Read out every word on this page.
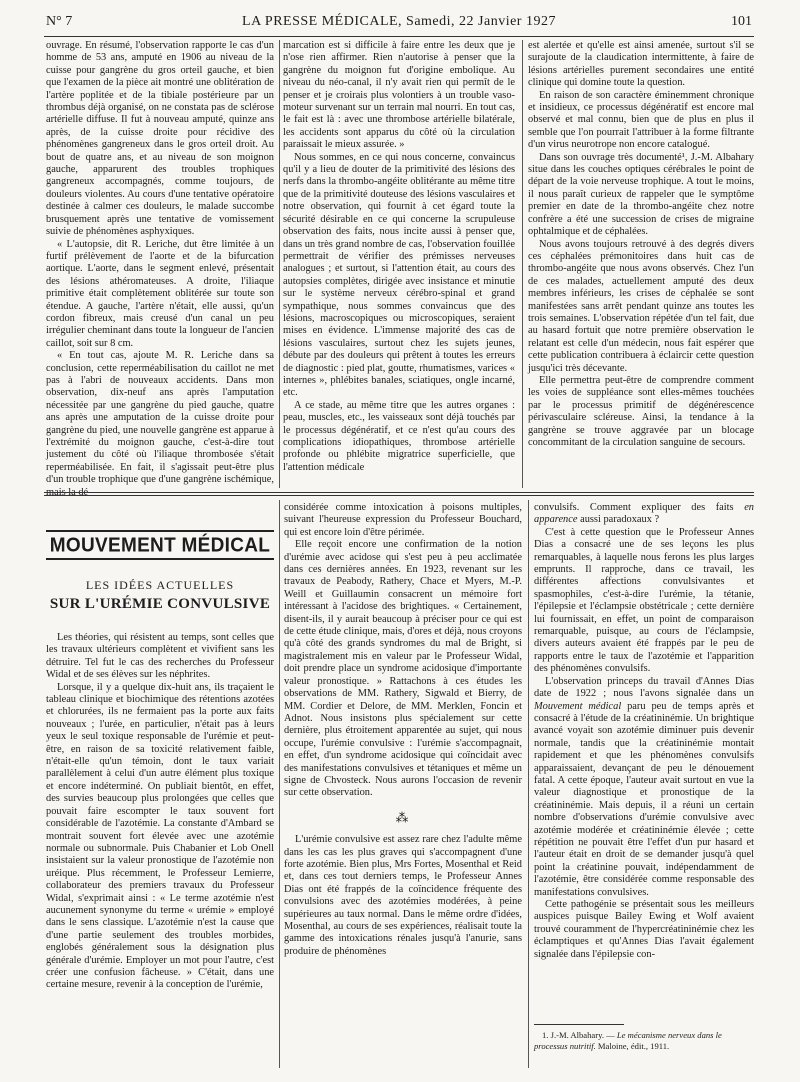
N° 7	LA PRESSE MÉDICALE, Samedi, 22 Janvier 1927	101

ouvrage. En résumé, l'observation rapporte le cas d'un homme de 53 ans, amputé en 1906 au niveau de la cuisse pour gangrène du gros orteil gauche, et bien que l'examen de la pièce ait montré une oblitération de l'artère poplitée et de la tibiale postérieure par un thrombus déjà organisé, on ne constata pas de sclérose artérielle diffuse. Il fut à nouveau amputé, quinze ans après, de la cuisse droite pour récidive des phénomènes gangreneux dans le gros orteil droit. Au bout de quatre ans, et au niveau de son moignon gauche, apparurent des troubles trophiques gangreneux accompagnés, comme toujours, de douleurs violentes. Au cours d'une tentative opératoire destinée à calmer ces douleurs, le malade succombe brusquement après une tentative de vomissement suivie de phénomènes asphyxiques.

« L'autopsie, dit R. Leriche, dut être limitée à un furtif prélèvement de l'aorte et de la bifurcation aortique. L'aorte, dans le segment enlevé, présentait des lésions athéromateuses. A droite, l'iliaque primitive était complètement oblitérée sur toute son étendue. A gauche, l'artère n'était, elle aussi, qu'un cordon fibreux, mais creusé d'un canal un peu irrégulier cheminant dans toute la longueur de l'ancien caillot, soit sur 8 cm.

« En tout cas, ajoute M. R. Leriche dans sa conclusion, cette reperméabilisation du caillot ne met pas à l'abri de nouveaux accidents. Dans mon observation, dix-neuf ans après l'amputation nécessitée par une gangrène du pied gauche, quatre ans après une amputation de la cuisse droite pour gangrène du pied, une nouvelle gangrène est apparue à l'extrémité du moignon gauche, c'est-à-dire tout justement du côté où l'iliaque thrombosée s'était reperméabilisée. En fait, il s'agissait peut-être plus d'un trouble trophique que d'une gangrène ischémique, mais la dé-

marcation est si difficile à faire entre les deux que je n'ose rien affirmer. Rien n'autorise à penser que la gangrène du moignon fut d'origine embolique. Au niveau du néo-canal, il n'y avait rien qui permît de le penser et je croirais plus volontiers à un trouble vaso-moteur survenant sur un terrain mal nourri. En tout cas, le fait est là : avec une thrombose artérielle bilatérale, les accidents sont apparus du côté où la circulation paraissait le mieux assurée. »

Nous sommes, en ce qui nous concerne, convaincus qu'il y a lieu de douter de la primitivité des lésions des nerfs dans la thrombo-angéite oblitérante au même titre que de la primitivité douteuse des lésions vasculaires et notre observation, qui fournit à cet égard toute la sécurité désirable en ce qui concerne la scrupuleuse observation des faits, nous incite aussi à penser que, dans un très grand nombre de cas, l'observation fouillée permettrait de vérifier des prémisses nerveuses analogues ; et surtout, si l'attention était, au cours des autopsies complètes, dirigée avec insistance et minutie sur le système nerveux cérébro-spinal et grand sympathique, nous sommes convaincus que des lésions, macroscopiques ou microscopiques, seraient mises en évidence. L'immense majorité des cas de lésions vasculaires, surtout chez les sujets jeunes, débute par des douleurs qui prêtent à toutes les erreurs de diagnostic : pied plat, goutte, rhumatismes, varices « internes », phlébites banales, sciatiques, ongle incarné, etc.

A ce stade, au même titre que les autres organes : peau, muscles, etc., les vaisseaux sont déjà touchés par le processus dégénératif, et ce n'est qu'au cours des complications idiopathiques, thrombose artérielle profonde ou phlébite migratrice superficielle, que l'attention médicale

est alertée et qu'elle est ainsi amenée, surtout s'il se surajoute de la claudication intermittente, à faire de lésions artérielles purement secondaires une entité clinique qui domine toute la question.

En raison de son caractère éminemment chronique et insidieux, ce processus dégénératif est encore mal observé et mal connu, bien que de plus en plus il semble que l'on pourrait l'attribuer à la forme filtrante d'un virus neurotrope non encore catalogué.

Dans son ouvrage très documenté¹, J.-M. Albahary situe dans les couches optiques cérébrales le point de départ de la voie nerveuse trophique. A tout le moins, il nous paraît curieux de rappeler que le symptôme premier en date de la thrombo-angéite chez notre confrère a été une succession de crises de migraine ophtalmique et de céphalées.

Nous avons toujours retrouvé à des degrés divers ces céphalées prémonitoires dans huit cas de thrombo-angéite que nous avons observés. Chez l'un de ces malades, actuellement amputé des deux membres inférieurs, les crises de céphalée se sont manifestées sans arrêt pendant quinze ans toutes les trois semaines. L'observation répétée d'un tel fait, due au hasard fortuit que notre première observation le relatant est celle d'un médecin, nous fait espérer que cette publication contribuera à éclaircir cette question jusqu'ici très décevante.

Elle permettra peut-être de comprendre comment les voies de suppléance sont elles-mêmes touchées par le processus primitif de dégénérescence périvasculaire scléreuse. Ainsi, la tendance à la gangrène se trouve aggravée par un blocage concommitant de la circulation sanguine de secours.

MOUVEMENT MÉDICAL
LES IDÉES ACTUELLES
SUR L'URÉMIE CONVULSIVE

Les théories, qui résistent au temps, sont celles que les travaux ultérieurs complètent et vivifient sans les détruire. Tel fut le cas des recherches du Professeur Widal et de ses élèves sur les néphrites.

Lorsque, il y a quelque dix-huit ans, ils traçaient le tableau clinique et biochimique des rétentions azotées et chlorurées, ils ne fermaient pas la porte aux faits nouveaux ; l'urée, en particulier, n'était pas à leurs yeux le seul toxique responsable de l'urémie et peut-être, en raison de sa toxicité relativement faible, n'était-elle qu'un témoin, dont le taux variait parallèlement à celui d'un autre élément plus toxique et encore indéterminé. On publiait bientôt, en effet, des survies beaucoup plus prolongées que celles que pouvait faire escompter le taux souvent fort considérable de l'azotémie. La constante d'Ambard se montrait souvent fort élevée avec une azotémie normale ou subnormale. Puis Chabanier et Lob Onell insistaient sur la valeur pronostique de l'azotémie non uréique. Plus récemment, le Professeur Lemierre, collaborateur des premiers travaux du Professeur Widal, s'exprimait ainsi : « Le terme azotémie n'est aucunement synonyme du terme « urémie » employé dans le sens classique. L'azotémie n'est la cause que d'une partie seulement des troubles morbides, englobés généralement sous la désignation plus générale d'urémie. Employer un mot pour l'autre, c'est créer une confusion fâcheuse. » C'était, dans une certaine mesure, revenir à la conception de l'urémie,

considérée comme intoxication à poisons multiples, suivant l'heureuse expression du Professeur Bouchard, qui est encore loin d'être périmée.

Elle reçoit encore une confirmation de la notion d'urémie avec acidose qui s'est peu à peu acclimatée dans ces dernières années. En 1923, revenant sur les travaux de Peabody, Rathery, Chace et Myers, M.-P. Weill et Guillaumin consacrent un mémoire fort intéressant à l'acidose des brightiques. « Certainement, disent-ils, il y aurait beaucoup à préciser pour ce qui est de cette étude clinique, mais, d'ores et déjà, nous croyons qu'à côté des grands syndromes du mal de Bright, si magistralement mis en valeur par le Professeur Widal, doit prendre place un syndrome acidosique d'importante valeur pronostique. » Rattachons à ces études les observations de MM. Rathery, Sigwald et Bierry, de MM. Cordier et Delore, de MM. Merklen, Foncin et Adnot. Nous insistons plus spécialement sur cette dernière, plus étroitement apparentée au sujet, qui nous occupe, l'urémie convulsive : l'urémie s'accompagnait, en effet, d'un syndrome acidosique qui coïncidait avec des manifestations convulsives et tétaniques et même un signe de Chvosteck. Nous aurons l'occasion de revenir sur cette observation.

⁂

L'urémie convulsive est assez rare chez l'adulte même dans les cas les plus graves qui s'accompagnent d'une forte azotémie. Bien plus, Mrs Fortes, Mosenthal et Reid et, dans ces tout derniers temps, le Professeur Annes Dias ont été frappés de la coïncidence fréquente des convulsions avec des azotémies modérées, à peine supérieures au taux normal. Dans le même ordre d'idées, Mosenthal, au cours de ses expériences, réalisait toute la gamme des intoxications rénales jusqu'à l'anurie, sans produire de phénomènes

convulsifs. Comment expliquer des faits en apparence aussi paradoxaux ?

C'est à cette question que le Professeur Annes Dias a consacré une de ses leçons les plus remarquables, à laquelle nous ferons les plus larges emprunts. Il rapproche, dans ce travail, les différentes affections convulsivantes et spasmophiles, c'est-à-dire l'urémie, la tétanie, l'épilepsie et l'éclampsie obstétricale ; cette dernière lui fournissait, en effet, un point de comparaison remarquable, puisque, au cours de l'éclampsie, divers auteurs avaient été frappés par le peu de rapports entre le taux de l'azotémie et l'apparition des phénomènes convulsifs.

L'observation princeps du travail d'Annes Dias date de 1922 ; nous l'avons signalée dans un Mouvement médical paru peu de temps après et consacré à l'étude de la créatininémie. Un brightique avancé voyait son azotémie diminuer puis devenir normale, tandis que la créatininémie montait rapidement et que les phénomènes convulsifs apparaissaient, devançant de peu le dénouement fatal. A cette époque, l'auteur avait surtout en vue la valeur diagnostique et pronostique de la créatininémie. Mais depuis, il a réuni un certain nombre d'observations d'urémie convulsive avec azotémie modérée et créatininémie élevée ; cette répétition ne pouvait être l'effet d'un pur hasard et l'auteur était en droit de se demander jusqu'à quel point la créatinine pouvait, indépendamment de l'azotémie, être considérée comme responsable des manifestations convulsives.

Cette pathogénie se présentait sous les meilleurs auspices puisque Bailey Ewing et Wolf avaient trouvé couramment de l'hypercréatininémie chez les éclamptiques et qu'Annes Dias l'avait également signalée dans l'épilepsie con-

1. J.-M. Albahary. — Le mécanisme nerveux dans le processus nutritif. Maloine, édit., 1911.
